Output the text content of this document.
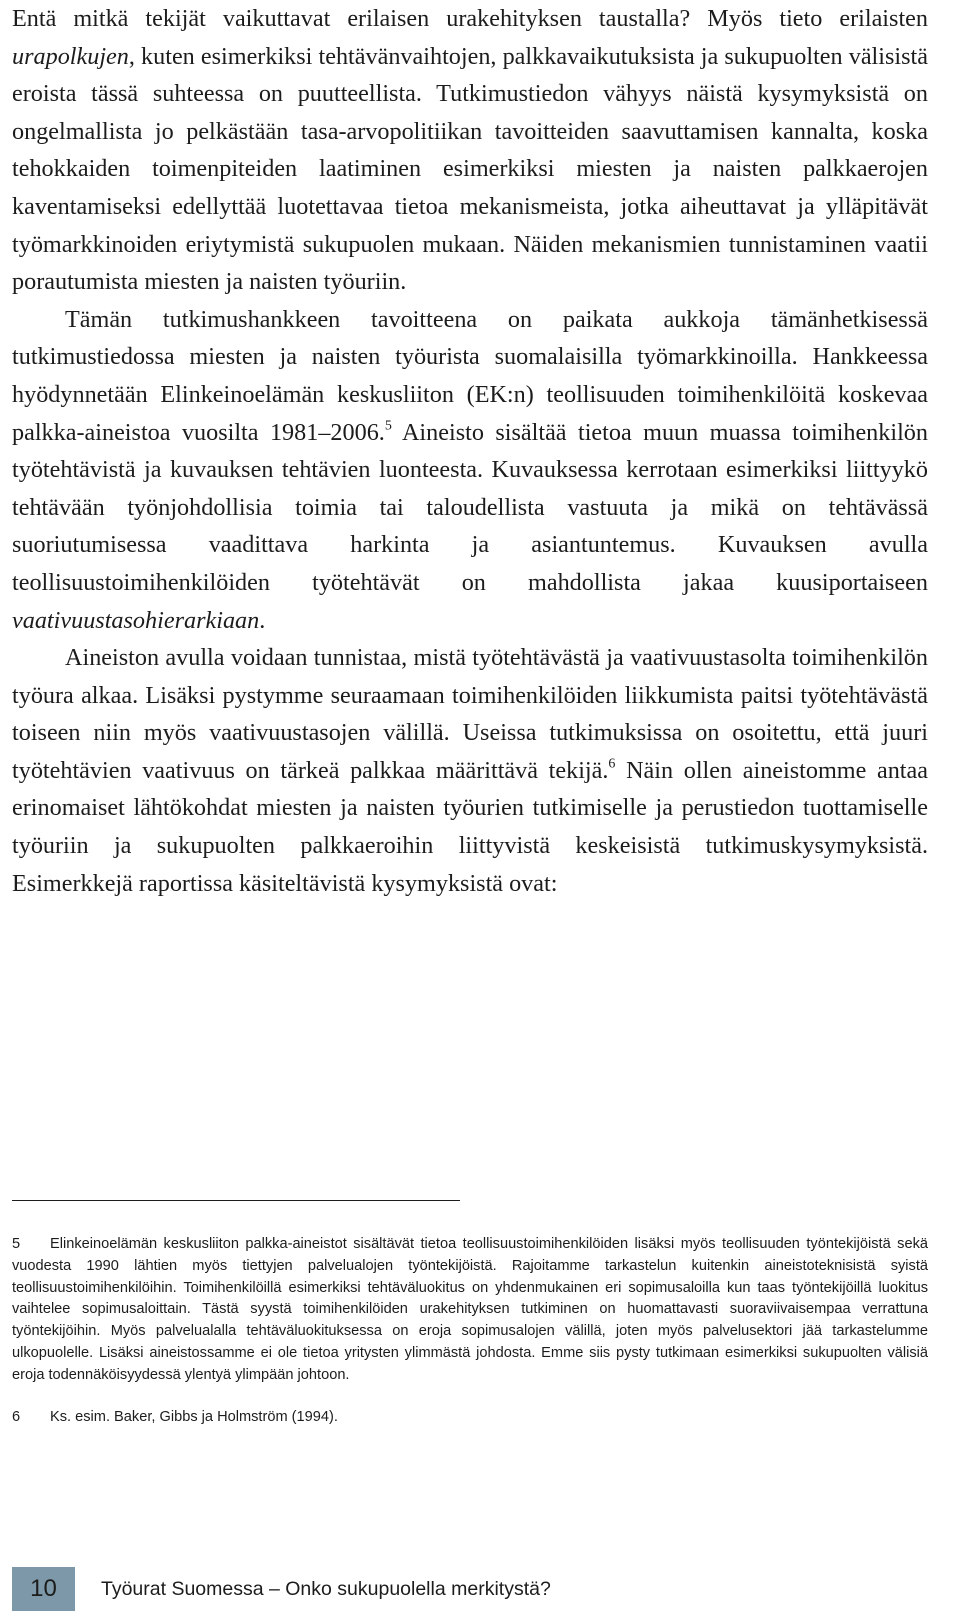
Entä mitkä tekijät vaikuttavat erilaisen urakehityksen taustalla? Myös tieto erilaisten urapolkujen, kuten esimerkiksi tehtävänvaihtojen, palkkavaikutuksista ja sukupuolten välisistä eroista tässä suhteessa on puutteellista. Tutkimustiedon vähyys näistä kysymyksistä on ongelmallista jo pelkästään tasa-arvopolitiikan tavoitteiden saavuttamisen kannalta, koska tehokkaiden toimenpiteiden laatiminen esimerkiksi miesten ja naisten palkkaerojen kaventamiseksi edellyttää luotettavaa tietoa mekanismeista, jotka aiheuttavat ja ylläpitävät työmarkkinoiden eriytymistä sukupuolen mukaan. Näiden mekanismien tunnistaminen vaatii porautumista miesten ja naisten työuriin.

Tämän tutkimushankkeen tavoitteena on paikata aukkoja tämänhetkisessä tutkimustiedossa miesten ja naisten työurista suomalaisilla työmarkkinoilla. Hankkeessa hyödynnetään Elinkeinoelämän keskusliiton (EK:n) teollisuuden toimihenkilöitä koskevaa palkka-aineistoa vuosilta 1981–2006.$^5$ Aineisto sisältää tietoa muun muassa toimihenkilön työtehtävistä ja kuvauksen tehtävien luonteesta. Kuvauksessa kerrotaan esimerkiksi liittyykö tehtävään työnjohdollisia toimia tai taloudellista vastuuta ja mikä on tehtävässä suoriutumisessa vaadittava harkinta ja asiantuntemus. Kuvauksen avulla teollisuustoimihenkilöiden työtehtävät on mahdollista jakaa kuusiportaiseen vaativuustasohierarkiaan.

Aineiston avulla voidaan tunnistaa, mistä työtehtävästä ja vaativuustasolta toimihenkilön työura alkaa. Lisäksi pystymme seuraamaan toimihenkilöiden liikkumista paitsi työtehtävästä toiseen niin myös vaativuustasojen välillä. Useissa tutkimuksissa on osoitettu, että juuri työtehtävien vaativuus on tärkeä palkkaa määrittävä tekijä.$^6$ Näin ollen aineistomme antaa erinomaiset lähtökohdat miesten ja naisten työurien tutkimiselle ja perustiedon tuottamiselle työuriin ja sukupuolten palkkaeroihin liittyvistä keskeisistä tutkimuskysymyksistä. Esimerkkejä raportissa käsiteltävistä kysymyksistä ovat:

5 Elinkeinoelämän keskusliiton palkka-aineistot sisältävät tietoa teollisuustoimihenkilöiden lisäksi myös teollisuuden työntekijöistä sekä vuodesta 1990 lähtien myös tiettyjen palvelualojen työntekijöistä. Rajoitamme tarkastelun kuitenkin aineistoteknisistä syistä teollisuustoimihenkilöihin. Toimihenkilöillä esimerkiksi tehtäväluokitus on yhdenmukainen eri sopimusaloilla kun taas työntekijöillä luokitus vaihtelee sopimusaloittain. Tästä syystä toimihenkilöiden urakehityksen tutkiminen on huomattavasti suoraviivaisempaa verrattuna työntekijöihin. Myös palvelualalla tehtäväluokituksessa on eroja sopimusalojen välillä, joten myös palvelusektori jää tarkastelumme ulkopuolelle. Lisäksi aineistossamme ei ole tietoa yritysten ylimmästä johdosta. Emme siis pysty tutkimaan esimerkiksi sukupuolten välisiä eroja todennäköisyydessä ylentyä ylimpään johtoon.

6 Ks. esim. Baker, Gibbs ja Holmström (1994).

10	Työurat Suomessa – Onko sukupuolella merkitystä?
